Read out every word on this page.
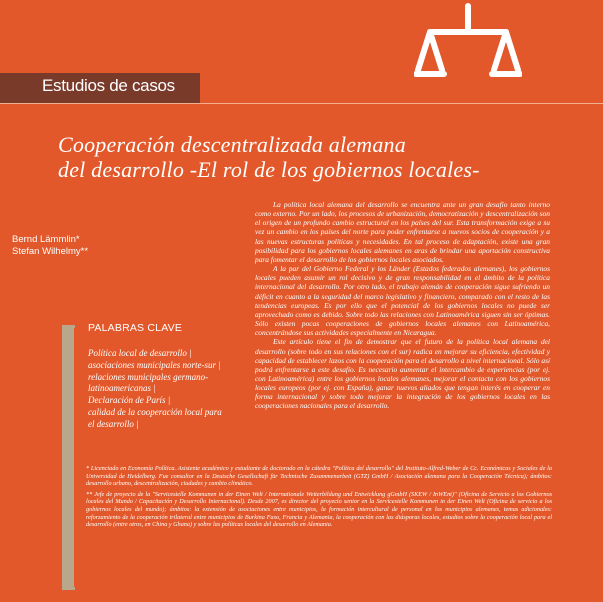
Estudios de casos
Cooperación descentralizada alemana
del desarrollo -El rol de los gobiernos locales-
Bernd Lämmlin*
Stefan Wilhelmy**

La política local alemana del desarrollo se encuentra ante un gran desafío tanto interno como externo. Por un lado, los procesos de urbanización, democratización y descentralización son el origen de un profundo cambio estructural en los países del sur. Esta transformación exige a su vez un cambio en los países del norte para poder enfrentarse a nuevos socios de cooperación y a las nuevas estructuras políticas y necesidades. En tal proceso de adaptación, existe una gran posibilidad para los gobiernos locales alemanes en aras de brindar una aportación constructiva para fomentar el desarrollo de los gobiernos locales asociados.

A la par del Gobierno Federal y los Länder (Estados federados alemanes), los gobiernos locales pueden asumir un rol decisivo y de gran responsabilidad en el ámbito de la política internacional del desarrollo. Por otro lado, el trabajo alemán de cooperación sigue sufriendo un déficit en cuanto a la seguridad del marco legislativo y financiero, comparado con el resto de las tendencias europeas. Es por ello que el potencial de los gobiernos locales no puede ser aprovechado como es debido. Sobre todo las relaciones con Latinoamérica siguen sin ser óptimas. Sólo existen pocas cooperaciones de gobiernos locales alemanes con Latinoamérica, concentrándose sus actividades especialmente en Nicaragua.

Este artículo tiene el fin de demostrar que el futuro de la política local alemana del desarrollo (sobre todo en sus relaciones con el sur) radica en mejorar su eficiencia, efectividad y capacidad de establecer lazos con la cooperación para el desarrollo a nivel internacional. Sólo así podrá enfrentarse a este desafío. Es necesario aumentar el intercambio de experiencias (por ej. con Latinoamérica) entre los gobiernos locales alemanes, mejorar el contacto con los gobiernos locales europeos (por ej. con España), ganar nuevos aliados que tengan interés en cooperar en forma internacional y sobre todo mejorar la integración de los gobiernos locales en las cooperaciones nacionales para el desarrollo.

PALABRAS CLAVE
Política local de desarrollo |
asociaciones municipales norte-sur |
relaciones municipales germano-
latinoamericanas |
Declaración de París |
calidad de la cooperación local para
el desarrollo |

* Licenciado en Economía Política. Asistente académico y estudiante de doctorado en la cátedra "Política del desarrollo" del Instituto-Alfred-Weber de Cc. Económicas y Sociales de la Universidad de Heidelberg. Fue consultor en la Deutsche Gesellschaft für Technische Zusammenarbeit (GTZ) GmbH / Asociación alemana para la Cooperación Técnica); ámbitos: desarrollo urbano, descentralización, ciudades y cambio climático.

** Jefe de proyecto de la "Servicestelle Kommunen in der Einen Welt / Internationale Weiterbildung und Entwicklung gGmbH (SKEW / InWEnt)" (Oficina de Servicio a los Gobiernos locales del Mundo / Capacitación y Desarrollo Internacional). Desde 2007, es director del proyecto senior en la Servicestelle Kommunen in der Einen Welt (Oficina de servicio a los gobiernos locales del mundo); ámbitos: la extensión de asociaciones entre municipios, la formación intercultural de personal en los municipios alemanes, temas adicionales: reforzamiento de la cooperación trilateral entre municipios de Burkina Faso, Francia y Alemania, la cooperación con las diásporas locales, estudios sobre la cooperación local para el desarrollo (entre otros, en China y Ghana) y sobre las políticas locales del desarrollo en Alemania.
